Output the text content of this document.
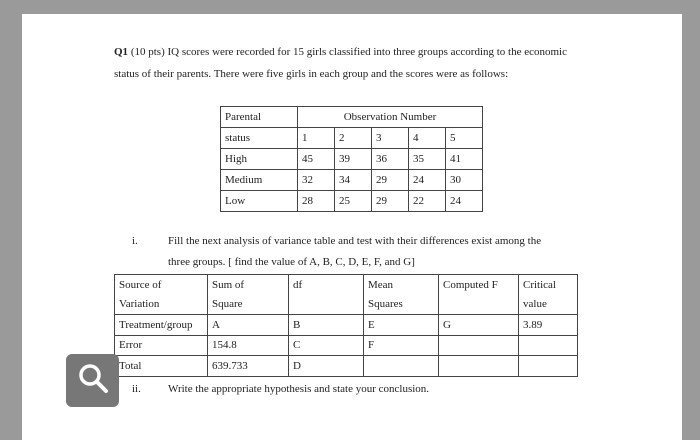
Q1 (10 pts) IQ scores were recorded for 15 girls classified into three groups according to the economic status of their parents. There were five girls in each group and the scores were as follows:
Parental	Observation Number				
status	1	2	3	4	5
High	45	39	36	35	41
Medium	32	34	29	24	30
Low	28	25	29	22	24
i.	Fill the next analysis of variance table and test with their differences exist among the
three groups. [ find the value of A, B, C, D, E, F, and G]
Source of	Sum of	df	Mean	Computed F	Critical
Variation	Square		Squares		value
Treatment/group	A	B	E	G	3.89
Error	154.8	C	F		
Total	639.733	D			
ii. Write the appropriate hypothesis and state your conclusion.
